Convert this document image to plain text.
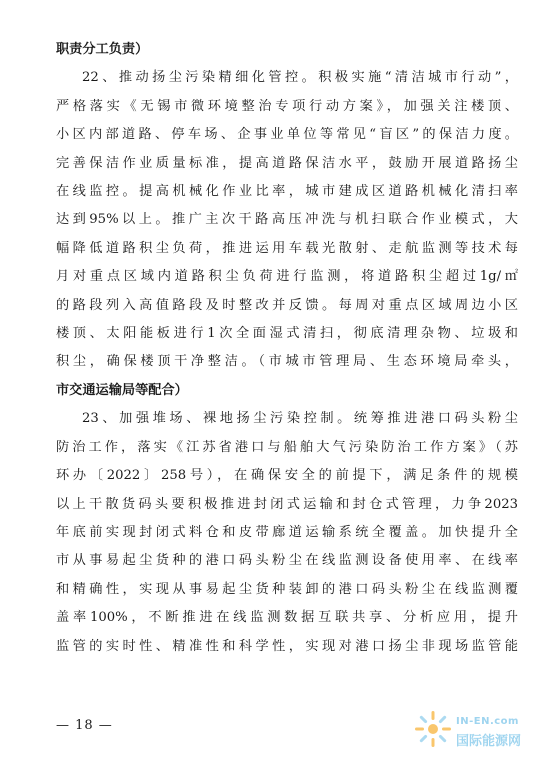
职责分工负责）
22、推动扬尘污染精细化管控。积极实施“清洁城市行动”，
严格落实《无锡市微环境整治专项行动方案》，加强关注楼顶、
小区内部道路、停车场、企事业单位等常见“盲区”的保洁力度。
完善保洁作业质量标准，提高道路保洁水平，鼓励开展道路扬尘
在线监控。提高机械化作业比率，城市建成区道路机械化清扫率
达到95%以上。推广主次干路高压冲洗与机扫联合作业模式，大
幅降低道路积尘负荷，推进运用车载光散射、走航监测等技术每
月对重点区域内道路积尘负荷进行监测，将道路积尘超过1g/㎡
的路段列入高值路段及时整改并反馈。每周对重点区域周边小区
楼顶、太阳能板进行1次全面湿式清扫，彻底清理杂物、垃圾和
积尘，确保楼顶干净整洁。（市城市管理局、生态环境局牵头，
市交通运输局等配合）
23、加强堆场、裸地扬尘污染控制。统筹推进港口码头粉尘
防治工作，落实《江苏省港口与船舶大气污染防治工作方案》（苏
环办〔2022〕258号），在确保安全的前提下，满足条件的规模
以上干散货码头要积极推进封闭式运输和封仓式管理，力争2023
年底前实现封闭式料仓和皮带廊道运输系统全覆盖。加快提升全
市从事易起尘货种的港口码头粉尘在线监测设备使用率、在线率
和精确性，实现从事易起尘货种装卸的港口码头粉尘在线监测覆
盖率100%，不断推进在线监测数据互联共享、分析应用，提升
监管的实时性、精准性和科学性，实现对港口扬尘非现场监管能
— 18 —	IN-EN.com
国际能源网
